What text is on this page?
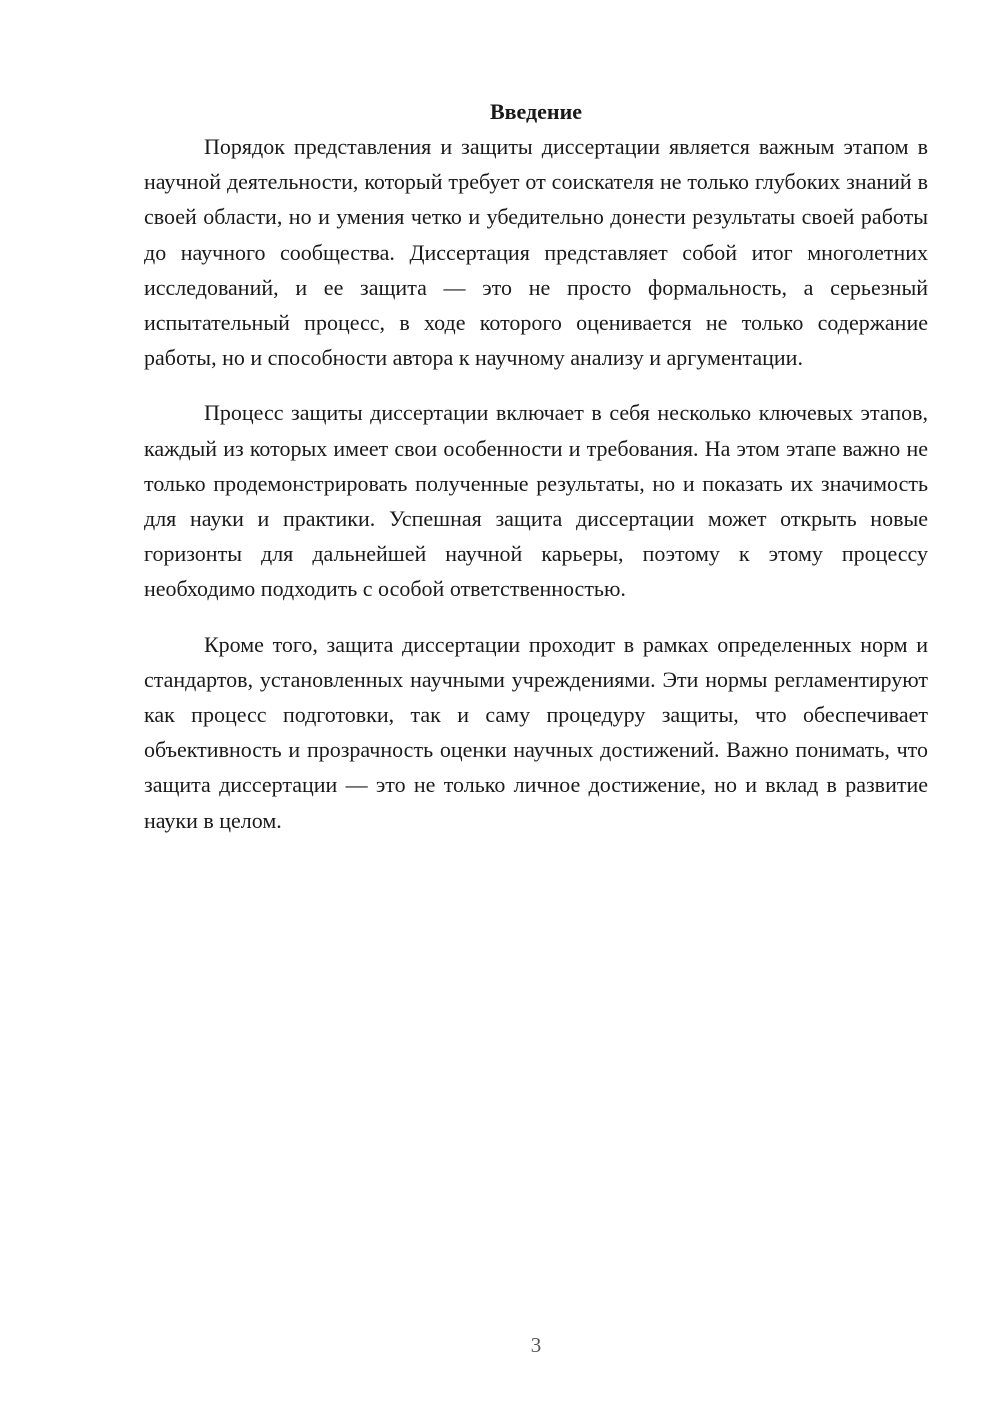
Введение

Порядок представления и защиты диссертации является важным этапом в научной деятельности, который требует от соискателя не только глубоких знаний в своей области, но и умения четко и убедительно донести результаты своей работы до научного сообщества. Диссертация представляет собой итог многолетних исследований, и ее защита — это не просто формальность, а серьезный испытательный процесс, в ходе которого оценивается не только содержание работы, но и способности автора к научному анализу и аргументации.

Процесс защиты диссертации включает в себя несколько ключевых этапов, каждый из которых имеет свои особенности и требования. На этом этапе важно не только продемонстрировать полученные результаты, но и показать их значимость для науки и практики. Успешная защита диссертации может открыть новые горизонты для дальнейшей научной карьеры, поэтому к этому процессу необходимо подходить с особой ответственностью.

Кроме того, защита диссертации проходит в рамках определенных норм и стандартов, установленных научными учреждениями. Эти нормы регламентируют как процесс подготовки, так и саму процедуру защиты, что обеспечивает объективность и прозрачность оценки научных достижений. Важно понимать, что защита диссертации — это не только личное достижение, но и вклад в развитие науки в целом.

3
